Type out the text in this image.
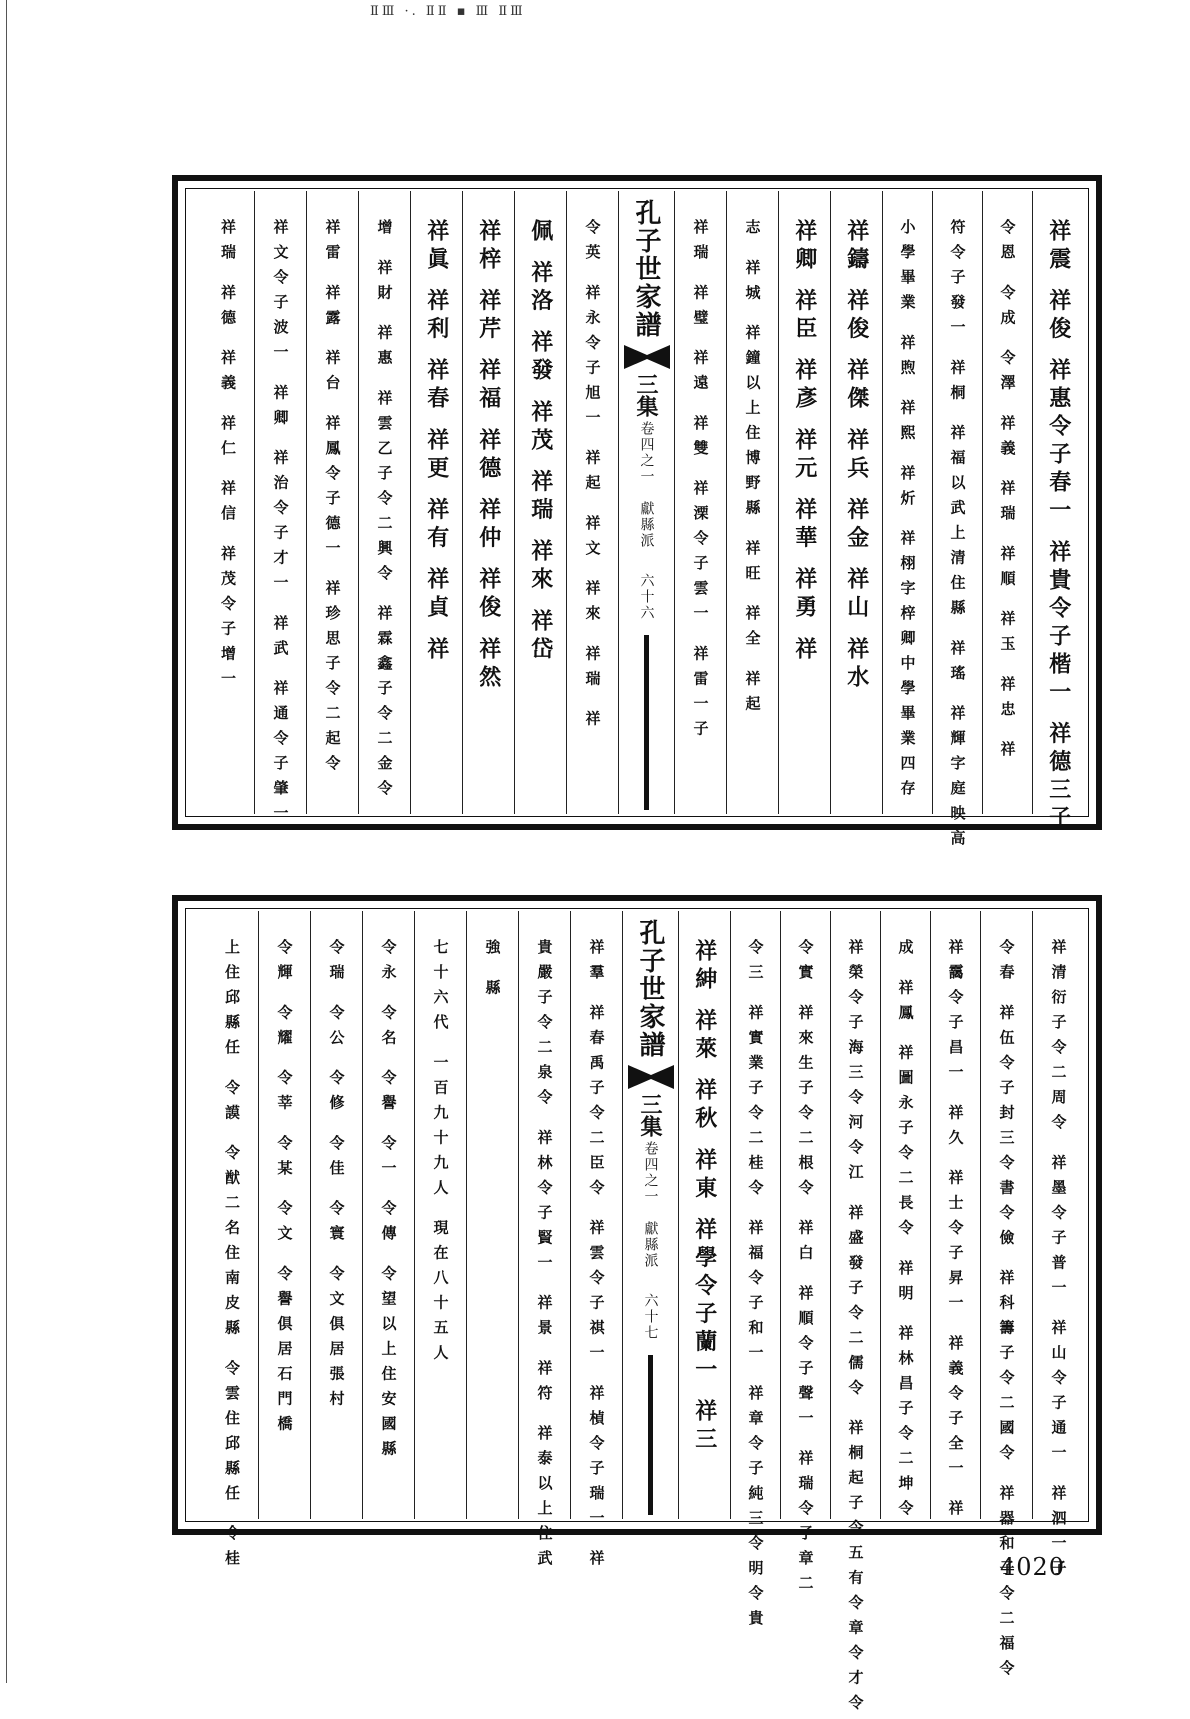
ⅡⅢ ·. ⅡⅡ ▪ Ⅲ ⅡⅢ
祥震 祥俊 祥惠令子春一 祥貴令子楷一 祥德三子
令恩 令成 令澤 祥義 祥瑞 祥順 祥玉 祥忠 祥
符令子發一 祥桐 祥福以武上清住縣 祥瑤 祥輝字庭映高
小學畢業 祥煦 祥熙 祥炘 祥栩字梓卿中學畢業四存
祥鑄 祥俊 祥傑 祥兵 祥金 祥山 祥水
祥卿 祥臣 祥彥 祥元 祥華 祥勇 祥
志 祥城 祥鐘以上住博野縣 祥旺 祥全 祥起
祥瑞 祥璧 祥遠 祥雙 祥溧令子雲一 祥雷一子
孔子世家譜
三集
卷四之一
獻縣派
六十六
令英 祥永令子旭一 祥起 祥文 祥來 祥瑞 祥
佩 祥洛 祥發 祥茂 祥瑞 祥來 祥岱
祥梓 祥芹 祥福 祥德 祥仲 祥俊 祥然
祥眞 祥利 祥春 祥更 祥有 祥貞 祥
增 祥財 祥惠 祥雲乙子令二興令 祥霖鑫子令二金令
祥雷 祥露 祥台 祥鳳令子德一 祥珍思子令二起令
祥文令子波一 祥卿 祥治令子才一 祥武 祥通令子肇一
祥瑞 祥德 祥義 祥仁 祥信 祥茂令子增一
祥清衍子令二周令 祥墨令子普一 祥山令子通一 祥泗一子
令春 祥伍令子封三令書令儉 祥科籌子令二國令 祥器和子令二福令
祥靄令子昌一 祥久 祥士令子昇一 祥義令子全一 祥
成 祥鳳 祥圖永子令二長令 祥明 祥林昌子令二坤令
祥榮令子海三令河令江 祥盛發子令二儒令 祥桐起子令五有令章令才令
令實 祥來生子令二根令 祥白 祥順令子聲一 祥瑞令子章二
令三 祥實業子令二桂令 祥福令子和一 祥章令子純三令明令貴
祥紳 祥萊 祥秋 祥東 祥學令子蘭一 祥三
孔子世家譜
三集
卷四之一
獻縣派
六十七
祥羣 祥春禹子令二臣令 祥雲令子祺一 祥楨令子瑞一 祥
貴嚴子令二泉令 祥林令子賢一 祥景 祥符 祥泰以上住武
強 縣
七十六代 一百九十九人 現在八十五人
令永 令名 令譽 令一 令傳 令望以上住安國縣
令瑞 令公 令修 令佳 令寰 令文俱居張村
令輝 令耀 令莘 令某 令文 令譽俱居石門橋
上住邱縣任 令謨 令猷二名住南皮縣 令雲住邱縣任 令桂	4020
